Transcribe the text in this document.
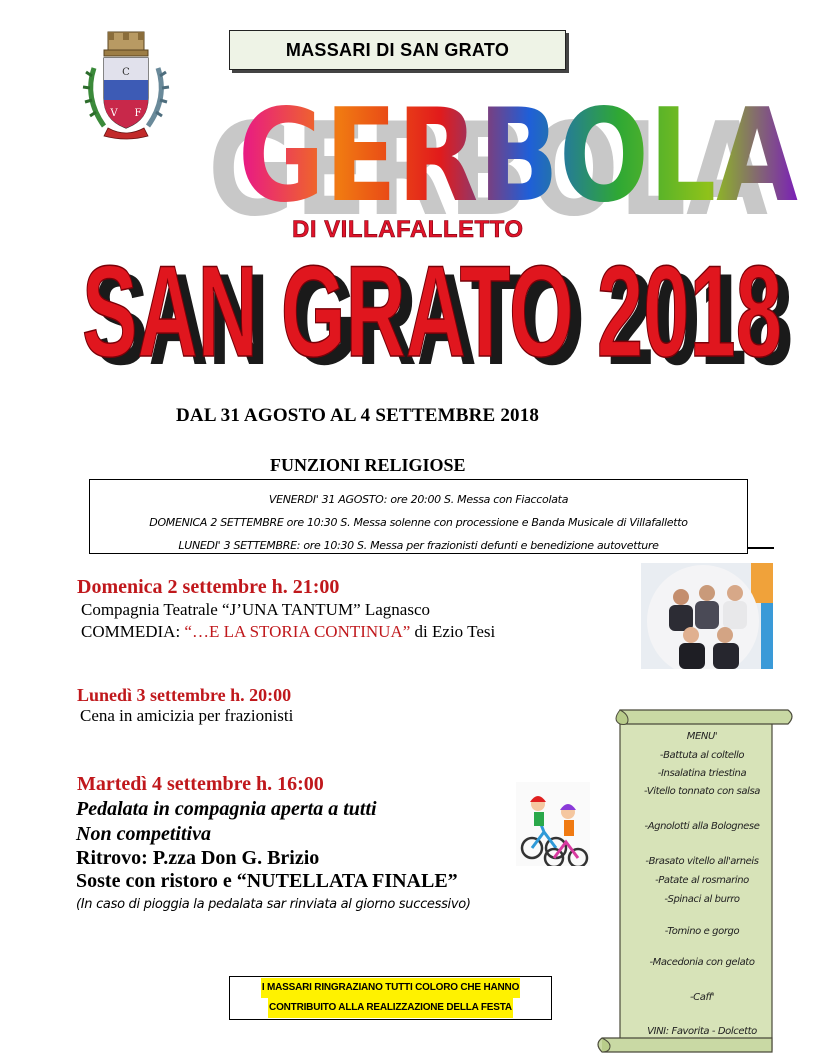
MASSARI DI SAN GRATO
C
V F GERBOLA
GERBOLA
DI VILLAFALLETTO
SAN GRATO 2018
SAN GRATO 2018
DAL 31 AGOSTO AL 4 SETTEMBRE 2018
FUNZIONI RELIGIOSE
VENERDI' 31 AGOSTO: ore 20:00 S. Messa con Fiaccolata
DOMENICA 2 SETTEMBRE ore 10:30 S. Messa solenne con processione e Banda Musicale di Villafalletto
LUNEDI' 3 SETTEMBRE: ore 10:30 S. Messa per frazionisti defunti e benedizione autovetture
Domenica 2 settembre h. 21:00
Compagnia Teatrale “J’UNA TANTUM” Lagnasco
COMMEDIA: “…E LA STORIA CONTINUA” di Ezio Tesi
Lunedì 3 settembre h. 20:00
Cena in amicizia per frazionisti
Martedì 4 settembre h. 16:00
Pedalata in compagnia aperta a tutti
Non competitiva
Ritrovo: P.zza Don G. Brizio
Soste con ristoro e “NUTELLATA FINALE”
(In caso di pioggia la pedalata sar rinviata al giorno successivo)
MENU'
-Battuta al coltello
-Insalatina triestina
-Vitello tonnato con salsa
-Agnolotti alla Bolognese
-Brasato vitello all'arneis
-Patate al rosmarino
-Spinaci al burro
-Tomino e gorgo
-Macedonia con gelato
-Caff'
VINI: Favorita - Dolcetto
I MASSARI RINGRAZIANO TUTTI COLORO CHE HANNO
CONTRIBUITO ALLA REALIZZAZIONE DELLA FESTA
